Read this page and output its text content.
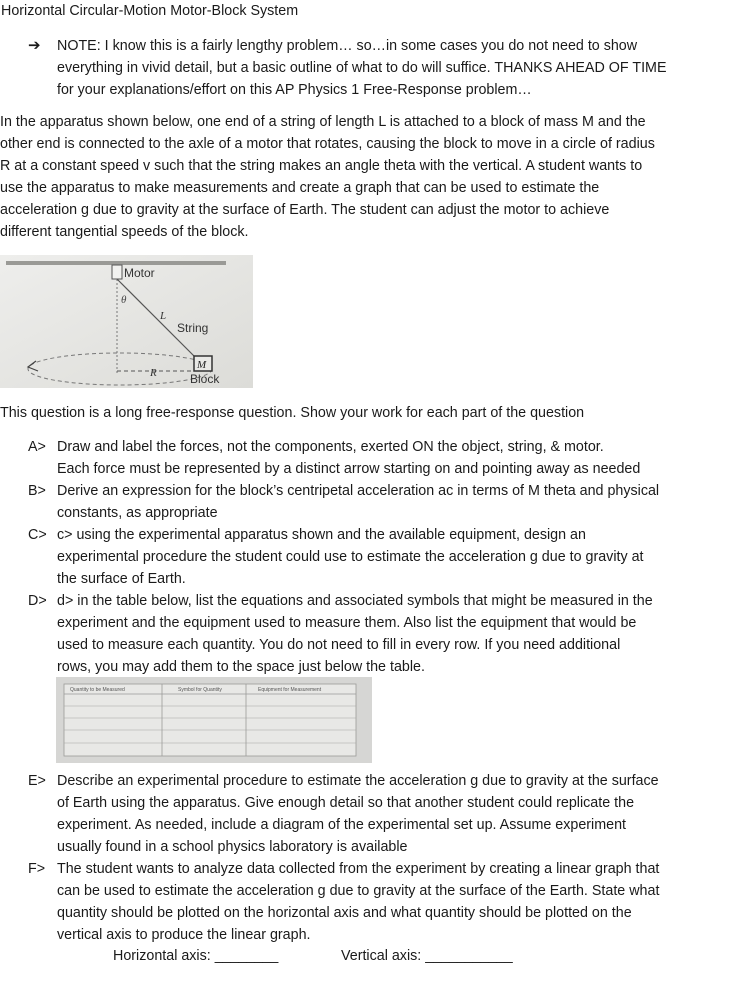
Horizontal Circular-Motion Motor-Block System
➔ NOTE: I know this is a fairly lengthy problem… so…in some cases you do not need to show
everything in vivid detail, but a basic outline of what to do will suffice. THANKS AHEAD OF TIME
for your explanations/effort on this AP Physics 1 Free-Response problem…
In the apparatus shown below, one end of a string of length L is attached to a block of mass M and the
other end is connected to the axle of a motor that rotates, causing the block to move in a circle of radius
R at a constant speed v such that the string makes an angle theta with the vertical. A student wants to
use the apparatus to make measurements and create a graph that can be used to estimate the
acceleration g due to gravity at the surface of Earth. The student can adjust the motor to achieve
different tangential speeds of the block.
Motor
θ
L
String
R
M
Block
This question is a long free-response question. Show your work for each part of the question
A> Draw and label the forces, not the components, exerted ON the object, string, & motor.
Each force must be represented by a distinct arrow starting on and pointing away as needed
B> Derive an expression for the block’s centripetal acceleration ac in terms of M theta and physical
constants, as appropriate
C> c> using the experimental apparatus shown and the available equipment, design an
experimental procedure the student could use to estimate the acceleration g due to gravity at
the surface of Earth.
D> d> in the table below, list the equations and associated symbols that might be measured in the
experiment and the equipment used to measure them. Also list the equipment that would be
used to measure each quantity. You do not need to fill in every row. If you need additional
rows, you may add them to the space just below the table.
Quantity to be Measured	Symbol for Quantity	Equipment for Measurement
E> Describe an experimental procedure to estimate the acceleration g due to gravity at the surface
of Earth using the apparatus. Give enough detail so that another student could replicate the
experiment. As needed, include a diagram of the experimental set up. Assume experiment
usually found in a school physics laboratory is available
F> The student wants to analyze data collected from the experiment by creating a linear graph that
can be used to estimate the acceleration g due to gravity at the surface of the Earth. State what
quantity should be plotted on the horizontal axis and what quantity should be plotted on the
vertical axis to produce the linear graph.
Horizontal axis: ________	Vertical axis: ___________
